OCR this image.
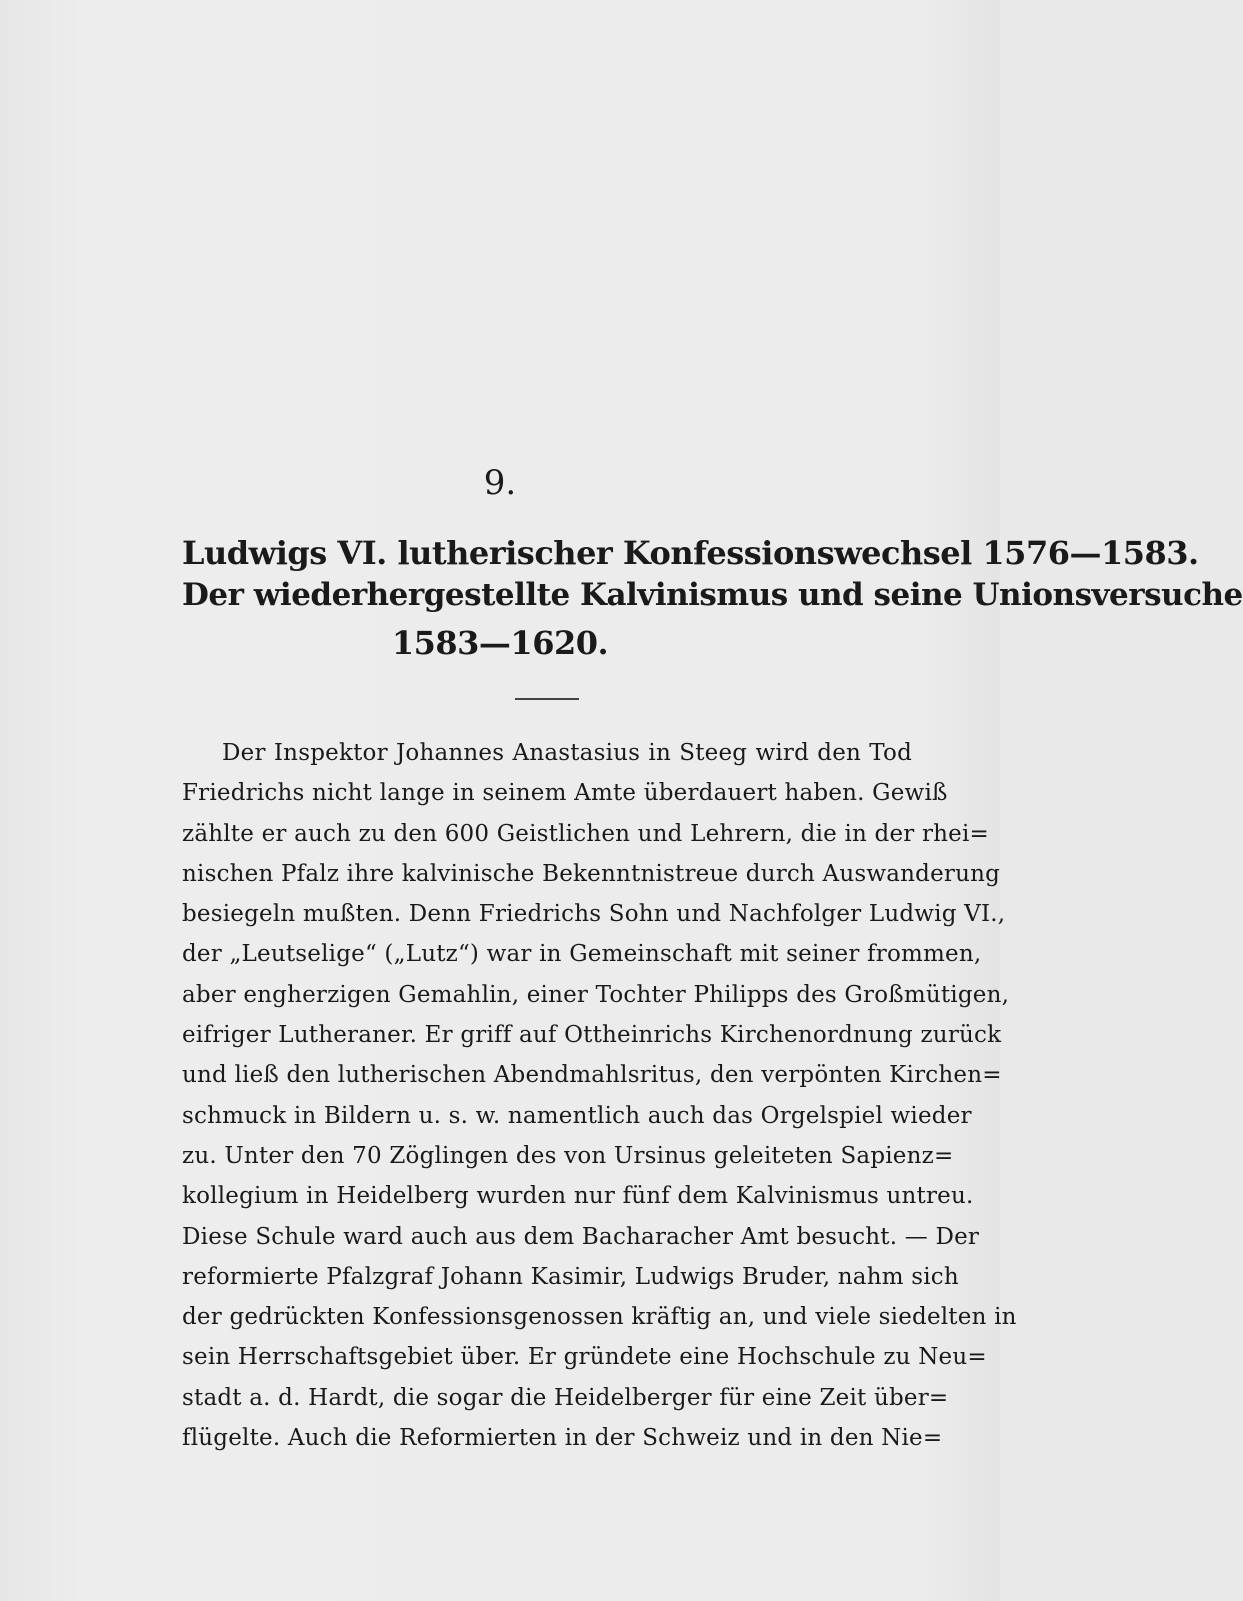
9.
Ludwigs VI. lutherischer Konfessionswechsel 1576—1583.
Der wiederhergestellte Kalvinismus und seine Unionsversuche
1583—1620.
Der Inspektor Johannes Anastasius in Steeg wird den Tod
Friedrichs nicht lange in seinem Amte überdauert haben. Gewiß
zählte er auch zu den 600 Geistlichen und Lehrern, die in der rhei=
nischen Pfalz ihre kalvinische Bekenntnistreue durch Auswanderung
besiegeln mußten. Denn Friedrichs Sohn und Nachfolger Ludwig VI.,
der „Leutselige“ („Lutz“) war in Gemeinschaft mit seiner frommen,
aber engherzigen Gemahlin, einer Tochter Philipps des Großmütigen,
eifriger Lutheraner. Er griff auf Ottheinrichs Kirchenordnung zurück
und ließ den lutherischen Abendmahlsritus, den verpönten Kirchen=
schmuck in Bildern u. s. w. namentlich auch das Orgelspiel wieder
zu. Unter den 70 Zöglingen des von Ursinus geleiteten Sapienz=
kollegium in Heidelberg wurden nur fünf dem Kalvinismus untreu.
Diese Schule ward auch aus dem Bacharacher Amt besucht. — Der
reformierte Pfalzgraf Johann Kasimir, Ludwigs Bruder, nahm sich
der gedrückten Konfessionsgenossen kräftig an, und viele siedelten in
sein Herrschaftsgebiet über. Er gründete eine Hochschule zu Neu=
stadt a. d. Hardt, die sogar die Heidelberger für eine Zeit über=
flügelte. Auch die Reformierten in der Schweiz und in den Nie=
